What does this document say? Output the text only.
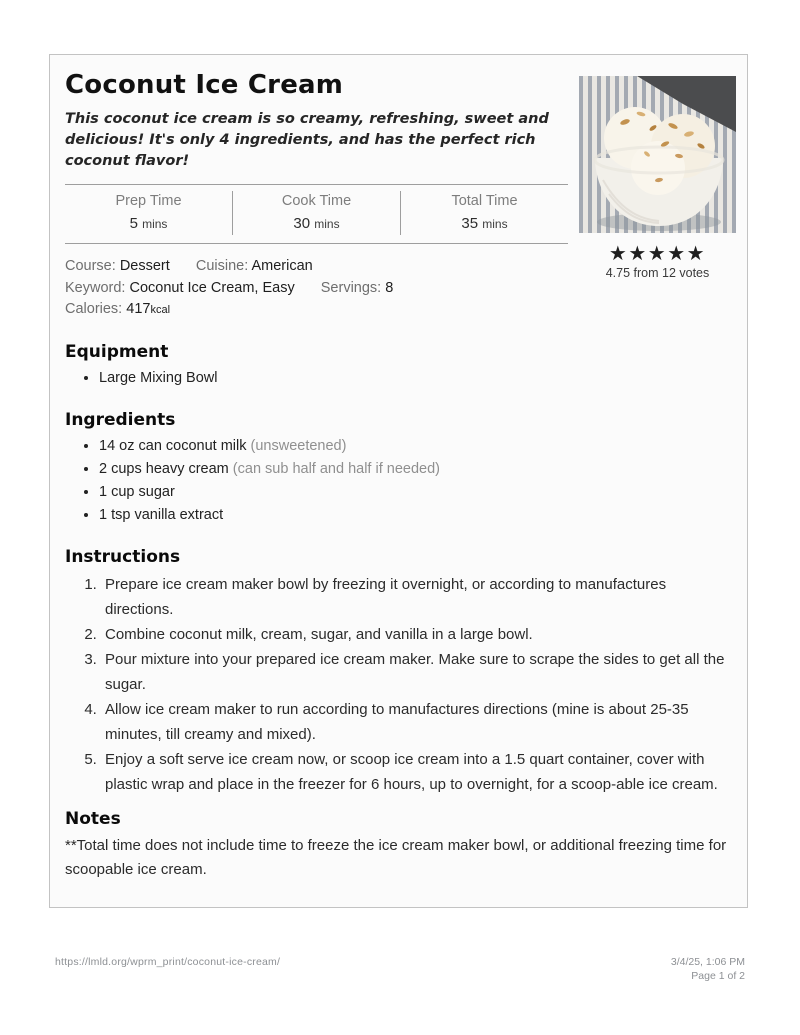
Coconut Ice Cream

This coconut ice cream is so creamy, refreshing, sweet and delicious! It's only 4 ingredients, and has the perfect rich coconut flavor!

Prep Time
5 mins
Cook Time
30 mins
Total Time
35 mins
Course: Dessert Cuisine: American
Keyword: Coconut Ice Cream, Easy Servings: 8
Calories: 417kcal
★★★★★
4.75 from 12 votes
Equipment
• Large Mixing Bowl
Ingredients
• 14 oz can coconut milk (unsweetened)
• 2 cups heavy cream (can sub half and half if needed)
• 1 cup sugar
• 1 tsp vanilla extract
Instructions
1. Prepare ice cream maker bowl by freezing it overnight, or according to manufactures directions.
2. Combine coconut milk, cream, sugar, and vanilla in a large bowl.
3. Pour mixture into your prepared ice cream maker. Make sure to scrape the sides to get all the sugar.
4. Allow ice cream maker to run according to manufactures directions (mine is about 25-35 minutes, till creamy and mixed).
5. Enjoy a soft serve ice cream now, or scoop ice cream into a 1.5 quart container, cover with plastic wrap and place in the freezer for 6 hours, up to overnight, for a scoop-able ice cream.
Notes

**Total time does not include time to freeze the ice cream maker bowl, or additional freezing time for scoopable ice cream.

https://lmld.org/wprm_print/coconut-ice-cream/	3/4/25, 1:06 PM
Page 1 of 2
